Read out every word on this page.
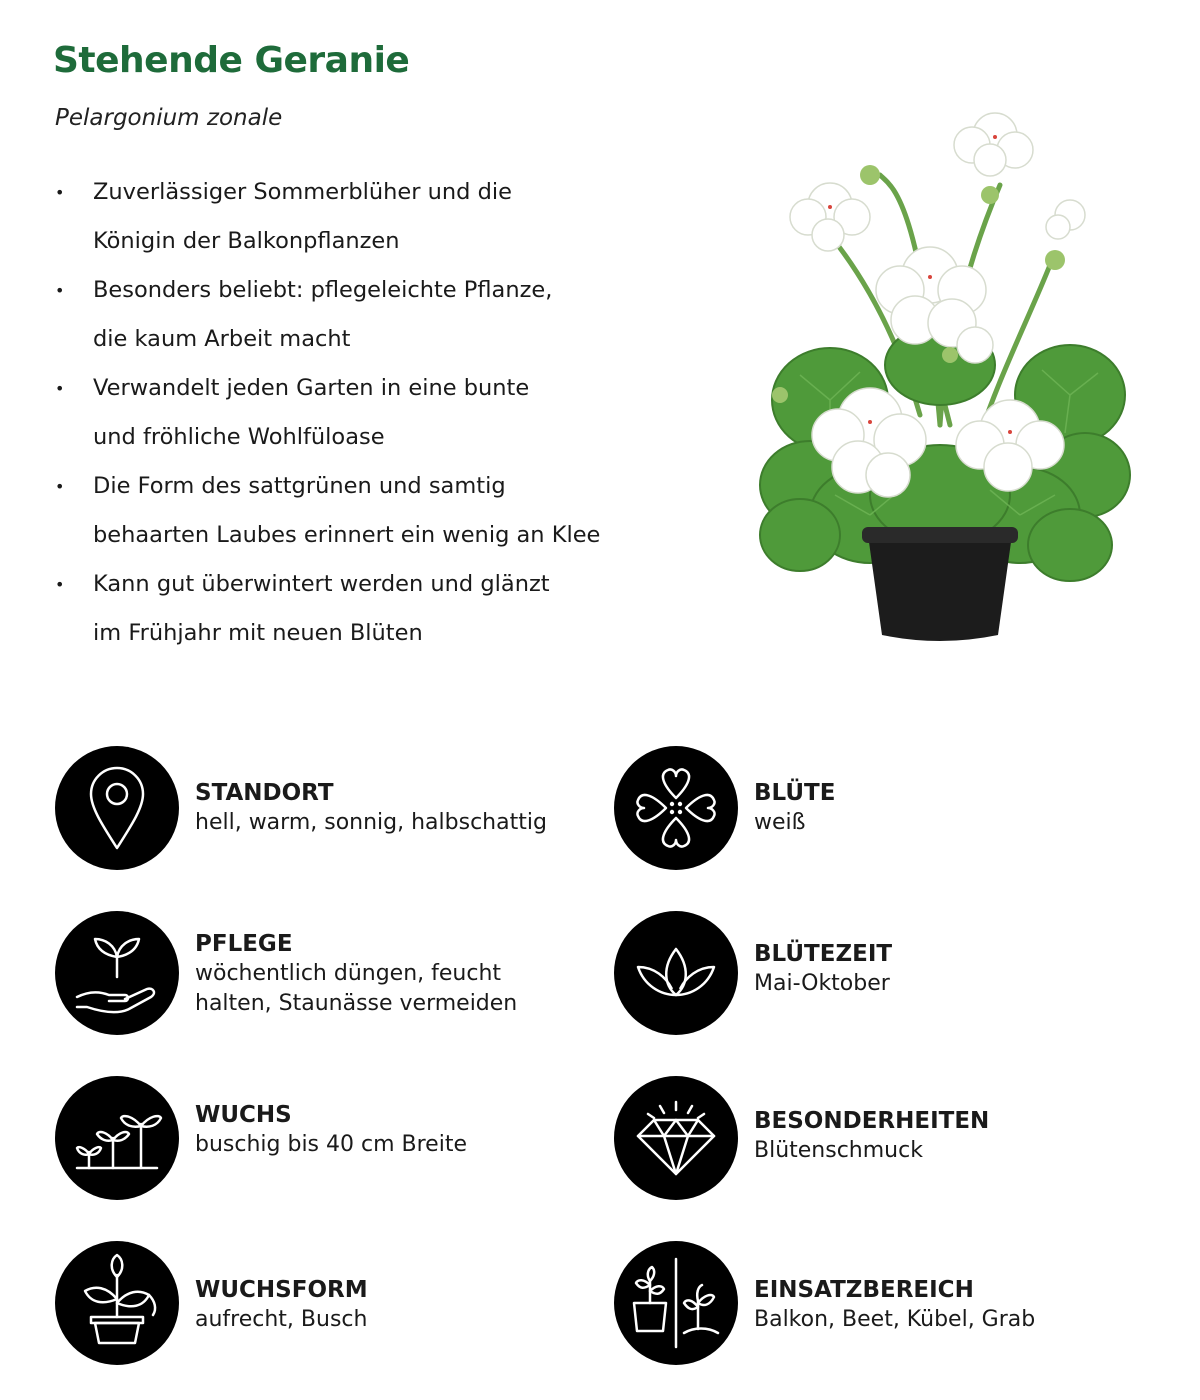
Stehende Geranie
Pelargonium zonale
• Zuverlässiger Sommerblüher und die
Königin der Balkonpflanzen
• Besonders beliebt: pflegeleichte Pflanze,
die kaum Arbeit macht
• Verwandelt jeden Garten in eine bunte
und fröhliche Wohlfüloase
• Die Form des sattgrünen und samtig
behaarten Laubes erinnert ein wenig an Klee
• Kann gut überwintert werden und glänzt
im Frühjahr mit neuen Blüten
STANDORT
hell, warm, sonnig, halbschattig
BLÜTE
weiß
PFLEGE
wöchentlich düngen, feucht
halten, Staunässe vermeiden
BLÜTEZEIT
Mai-Oktober
WUCHS
buschig bis 40 cm Breite
BESONDERHEITEN
Blütenschmuck
WUCHSFORM
aufrecht, Busch
EINSATZBEREICH
Balkon, Beet, Kübel, Grab
